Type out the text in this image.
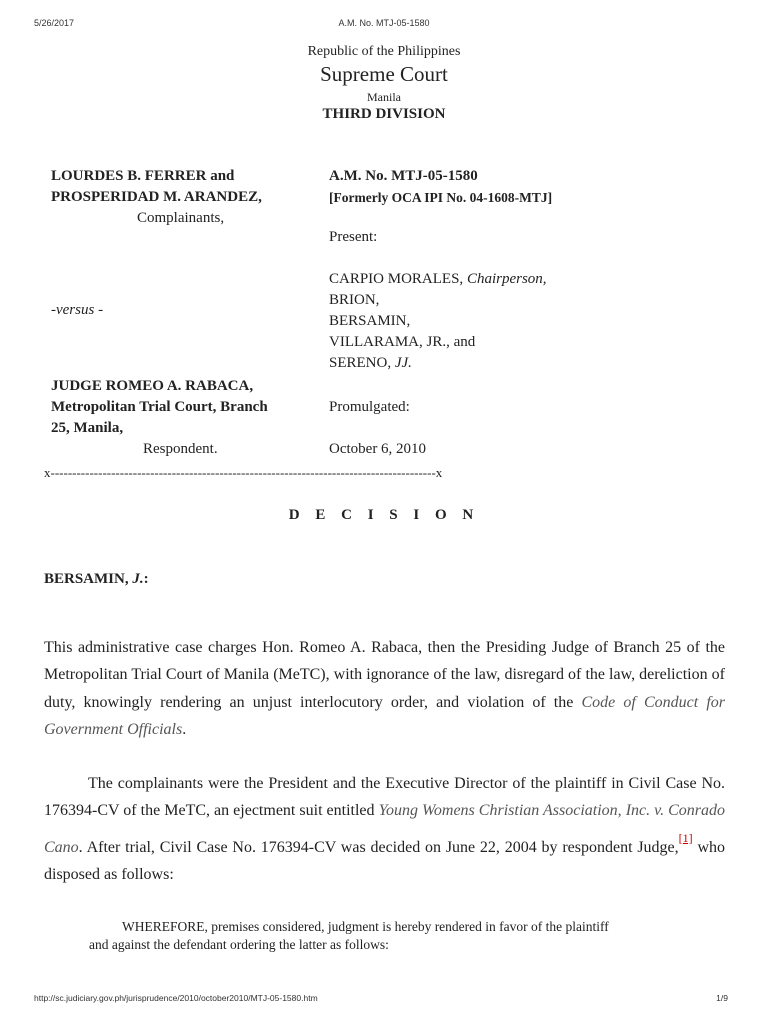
5/26/2017	A.M. No. MTJ-05-1580
Republic of the Philippines
Supreme Court
Manila
THIRD DIVISION
LOURDES B. FERRER and
PROSPERIDAD M. ARANDEZ,
Complainants,
-versus -
JUDGE ROMEO A. RABACA,
Metropolitan Trial Court, Branch
25, Manila,
Respondent.
A.M. No. MTJ-05-1580
[Formerly OCA IPI No. 04-1608-MTJ]
Present:
CARPIO MORALES, Chairperson,
BRION,
BERSAMIN,
VILLARAMA, JR., and
SERENO, JJ.
Promulgated:
October 6, 2010
x-----------------------------------------------------------------------------------------x
D E C I S I O N
BERSAMIN, J.:
This administrative case charges Hon. Romeo A. Rabaca, then the Presiding Judge of Branch 25 of the Metropolitan Trial Court of Manila (MeTC), with ignorance of the law, disregard of the law, dereliction of duty, knowingly rendering an unjust interlocutory order, and violation of the Code of Conduct for Government Officials.
The complainants were the President and the Executive Director of the plaintiff in Civil Case No. 176394-CV of the MeTC, an ejectment suit entitled Young Womens Christian Association, Inc. v. Conrado Cano. After trial, Civil Case No. 176394-CV was decided on June 22, 2004 by respondent Judge,[1] who disposed as follows:
WHEREFORE, premises considered, judgment is hereby rendered in favor of the plaintiff
and against the defendant ordering the latter as follows:
http://sc.judiciary.gov.ph/jurisprudence/2010/october2010/MTJ-05-1580.htm	1/9
